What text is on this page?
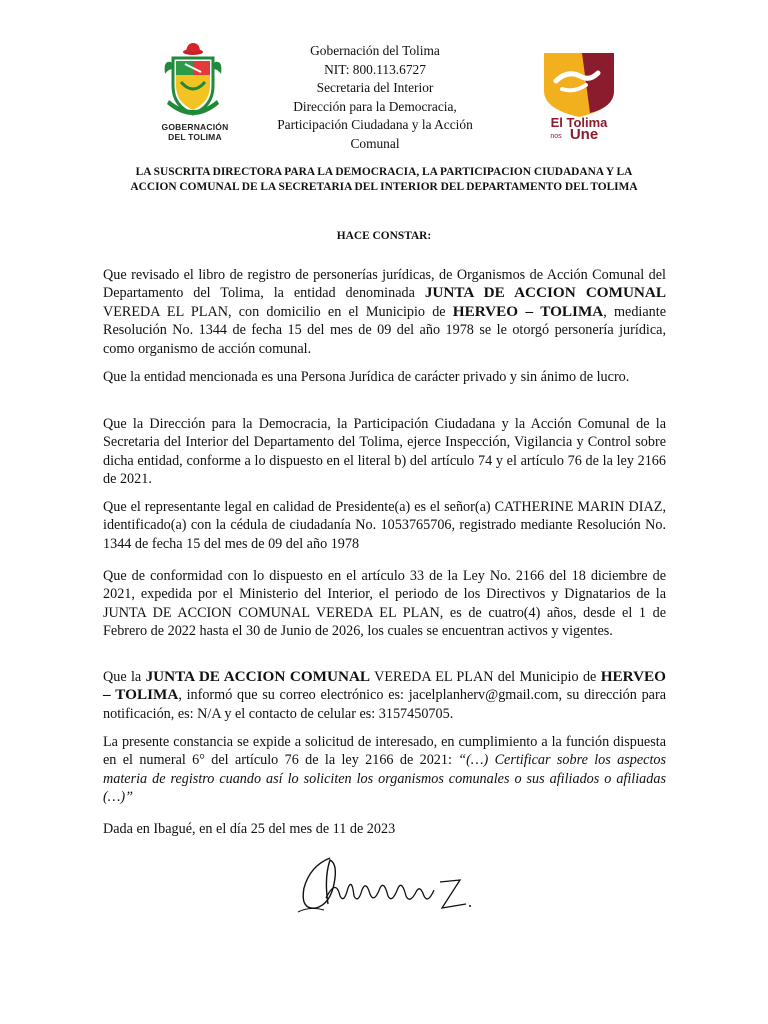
GOBERNACIÓN
DEL TOLIMA
Gobernación del Tolima
NIT: 800.113.6727
Secretaria del Interior
Dirección para la Democracia,
Participación Ciudadana y la Acción
Comunal
El Tolima
nos Une
LA SUSCRITA DIRECTORA PARA LA DEMOCRACIA, LA PARTICIPACION CIUDADANA Y LA ACCION COMUNAL DE LA SECRETARIA DEL INTERIOR DEL DEPARTAMENTO DEL TOLIMA
HACE CONSTAR:
Que revisado el libro de registro de personerías jurídicas, de Organismos de Acción Comunal del Departamento del Tolima, la entidad denominada JUNTA DE ACCION COMUNAL VEREDA EL PLAN, con domicilio en el Municipio de HERVEO – TOLIMA, mediante Resolución No. 1344 de fecha 15 del mes de 09 del año 1978 se le otorgó personería jurídica, como organismo de acción comunal.
Que la entidad mencionada es una Persona Jurídica de carácter privado y sin ánimo de lucro.
Que la Dirección para la Democracia, la Participación Ciudadana y la Acción Comunal de la Secretaria del Interior del Departamento del Tolima, ejerce Inspección, Vigilancia y Control sobre dicha entidad, conforme a lo dispuesto en el literal b) del artículo 74 y el artículo 76 de la ley 2166 de 2021.
Que el representante legal en calidad de Presidente(a) es el señor(a) CATHERINE MARIN DIAZ, identificado(a) con la cédula de ciudadanía No. 1053765706, registrado mediante Resolución No. 1344 de fecha 15 del mes de 09 del año 1978
Que de conformidad con lo dispuesto en el artículo 33 de la Ley No. 2166 del 18 diciembre de 2021, expedida por el Ministerio del Interior, el periodo de los Directivos y Dignatarios de la JUNTA DE ACCION COMUNAL VEREDA EL PLAN, es de cuatro(4) años, desde el 1 de Febrero de 2022 hasta el 30 de Junio de 2026, los cuales se encuentran activos y vigentes.
Que la JUNTA DE ACCION COMUNAL VEREDA EL PLAN del Municipio de HERVEO – TOLIMA, informó que su correo electrónico es: jacelplanherv@gmail.com, su dirección para notificación, es: N/A y el contacto de celular es: 3157450705.
La presente constancia se expide a solicitud de interesado, en cumplimiento a la función dispuesta en el numeral 6° del artículo 76 de la ley 2166 de 2021: “(…) Certificar sobre los aspectos materia de registro cuando así lo soliciten los organismos comunales o sus afiliados o afiliadas (…)”
Dada en Ibagué, en el día 25 del mes de 11 de 2023
